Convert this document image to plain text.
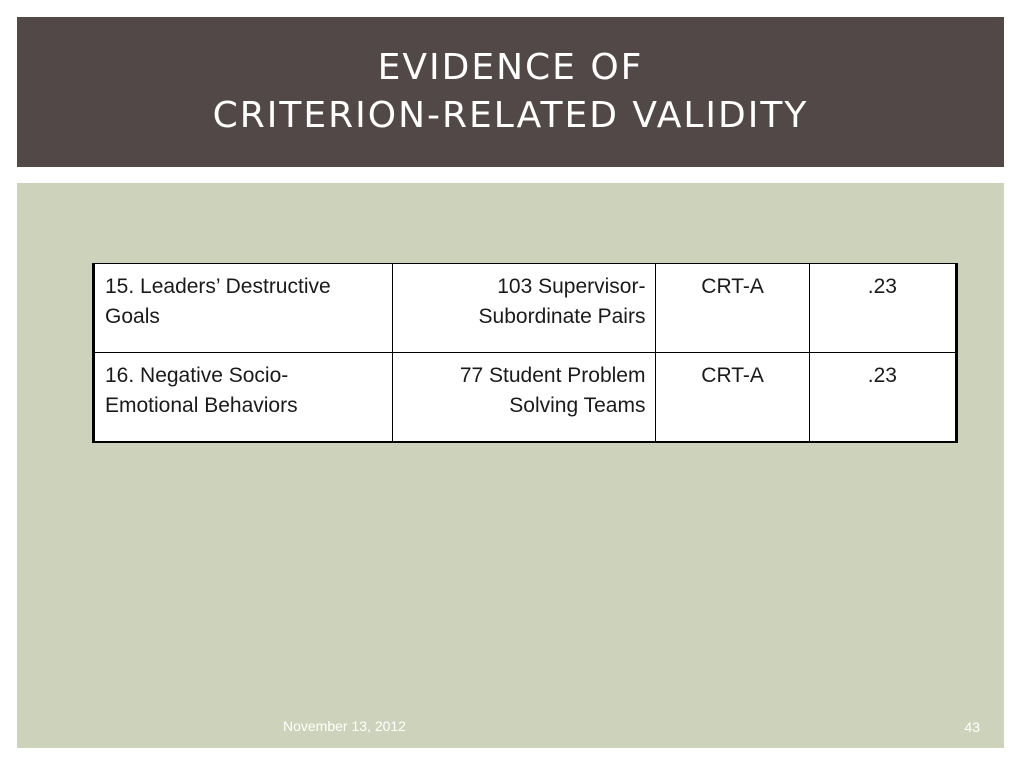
EVIDENCE OF
CRITERION-RELATED VALIDITY
15. Leaders’ Destructive Goals	103 Supervisor-Subordinate Pairs	CRT-A	.23
16. Negative Socio-Emotional Behaviors	77 Student Problem Solving Teams	CRT-A	.23
November 13, 2012	43
